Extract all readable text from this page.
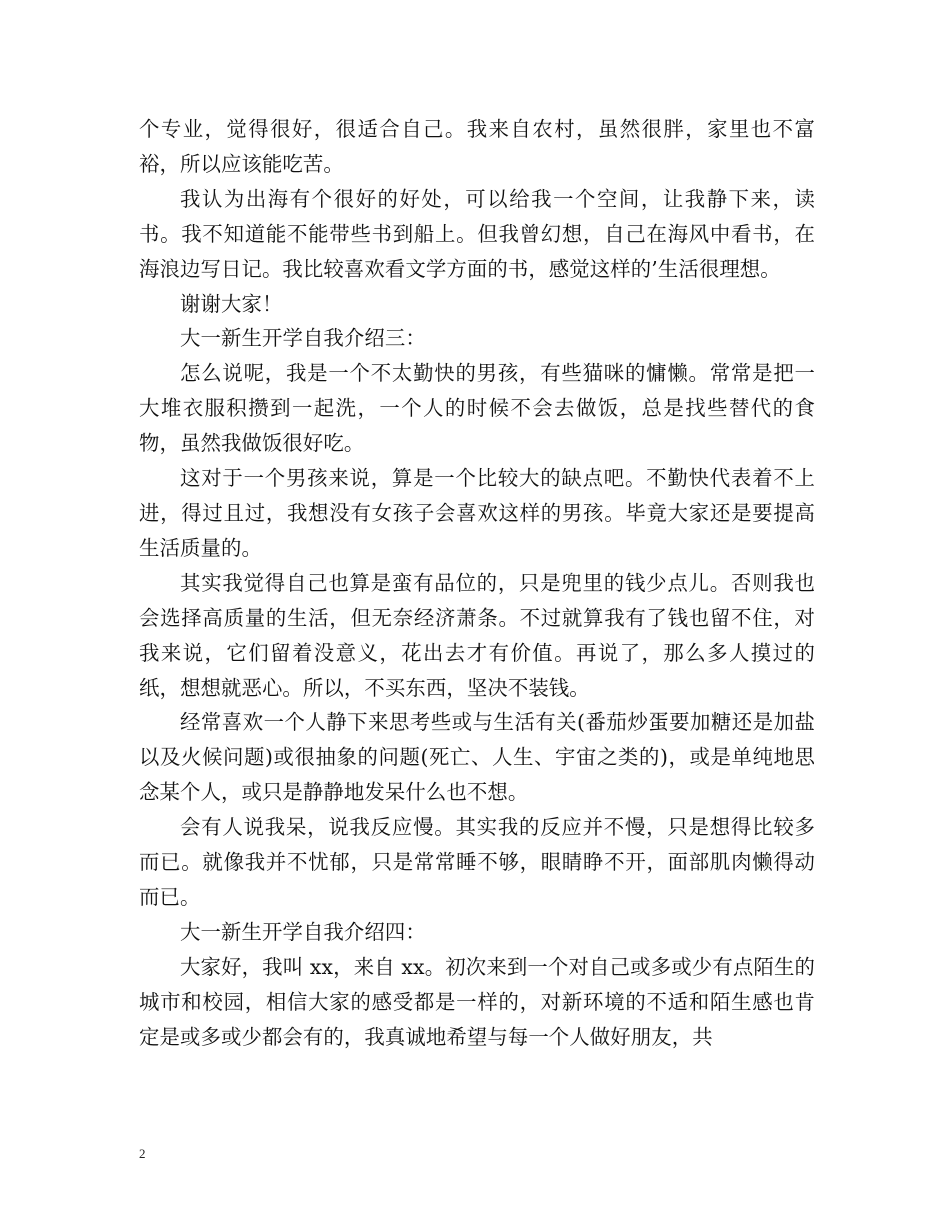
个专业，觉得很好，很适合自己。我来自农村，虽然很胖，家里也不富裕，所以应该能吃苦。

我认为出海有个很好的好处，可以给我一个空间，让我静下来，读书。我不知道能不能带些书到船上。但我曾幻想，自己在海风中看书，在海浪边写日记。我比较喜欢看文学方面的书，感觉这样的’生活很理想。

谢谢大家！

大一新生开学自我介绍三：

怎么说呢，我是一个不太勤快的男孩，有些猫咪的慵懒。常常是把一大堆衣服积攒到一起洗，一个人的时候不会去做饭，总是找些替代的食物，虽然我做饭很好吃。

这对于一个男孩来说，算是一个比较大的缺点吧。不勤快代表着不上进，得过且过，我想没有女孩子会喜欢这样的男孩。毕竟大家还是要提高生活质量的。

其实我觉得自己也算是蛮有品位的，只是兜里的钱少点儿。否则我也会选择高质量的生活，但无奈经济萧条。不过就算我有了钱也留不住，对我来说，它们留着没意义，花出去才有价值。再说了，那么多人摸过的纸，想想就恶心。所以，不买东西，坚决不装钱。

经常喜欢一个人静下来思考些或与生活有关(番茄炒蛋要加糖还是加盐以及火候问题)或很抽象的问题(死亡、人生、宇宙之类的)，或是单纯地思念某个人，或只是静静地发呆什么也不想。

会有人说我呆，说我反应慢。其实我的反应并不慢，只是想得比较多而已。就像我并不忧郁，只是常常睡不够，眼睛睁不开，面部肌肉懒得动而已。

大一新生开学自我介绍四：

大家好，我叫 xx，来自 xx。初次来到一个对自己或多或少有点陌生的城市和校园，相信大家的感受都是一样的，对新环境的不适和陌生感也肯定是或多或少都会有的，我真诚地希望与每一个人做好朋友，共

2
